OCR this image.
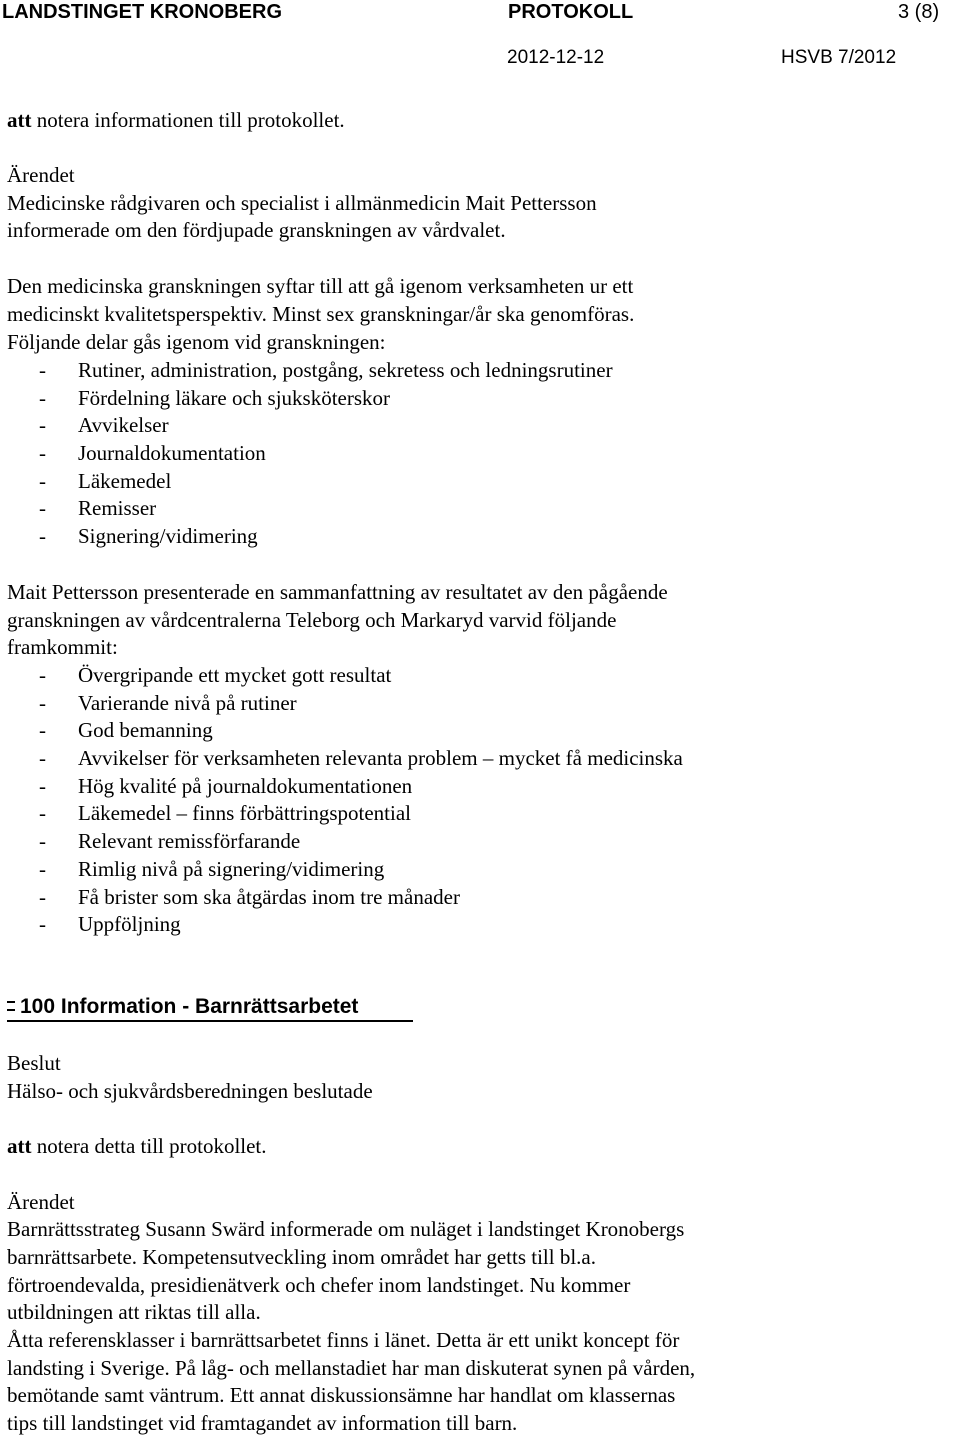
LANDSTINGET KRONOBERG	PROTOKOLL	3 (8)
2012-12-12	HSVB 7/2012
att notera informationen till protokollet.
Ärendet
Medicinske rådgivaren och specialist i allmänmedicin Mait Pettersson
informerade om den fördjupade granskningen av vårdvalet.
Den medicinska granskningen syftar till att gå igenom verksamheten ur ett
medicinskt kvalitetsperspektiv. Minst sex granskningar/år ska genomföras.
Följande delar gås igenom vid granskningen:
- Rutiner, administration, postgång, sekretess och ledningsrutiner
- Fördelning läkare och sjuksköterskor
- Avvikelser
- Journaldokumentation
- Läkemedel
- Remisser
- Signering/vidimering
Mait Pettersson presenterade en sammanfattning av resultatet av den pågående
granskningen av vårdcentralerna Teleborg och Markaryd varvid följande
framkommit:
- Övergripande ett mycket gott resultat
- Varierande nivå på rutiner
- God bemanning
- Avvikelser för verksamheten relevanta problem – mycket få medicinska
- Hög kvalité på journaldokumentationen
- Läkemedel – finns förbättringspotential
- Relevant remissförfarande
- Rimlig nivå på signering/vidimering
- Få brister som ska åtgärdas inom tre månader
- Uppföljning
100 Information - Barnrättsarbetet
Beslut
Hälso- och sjukvårdsberedningen beslutade
att notera detta till protokollet.
Ärendet
Barnrättsstrateg Susann Swärd informerade om nuläget i landstinget Kronobergs
barnrättsarbete. Kompetensutveckling inom området har getts till bl.a.
förtroendevalda, presidienätverk och chefer inom landstinget. Nu kommer
utbildningen att riktas till alla.
Åtta referensklasser i barnrättsarbetet finns i länet. Detta är ett unikt koncept för
landsting i Sverige. På låg- och mellanstadiet har man diskuterat synen på vården,
bemötande samt väntrum. Ett annat diskussionsämne har handlat om klassernas
tips till landstinget vid framtagandet av information till barn.
